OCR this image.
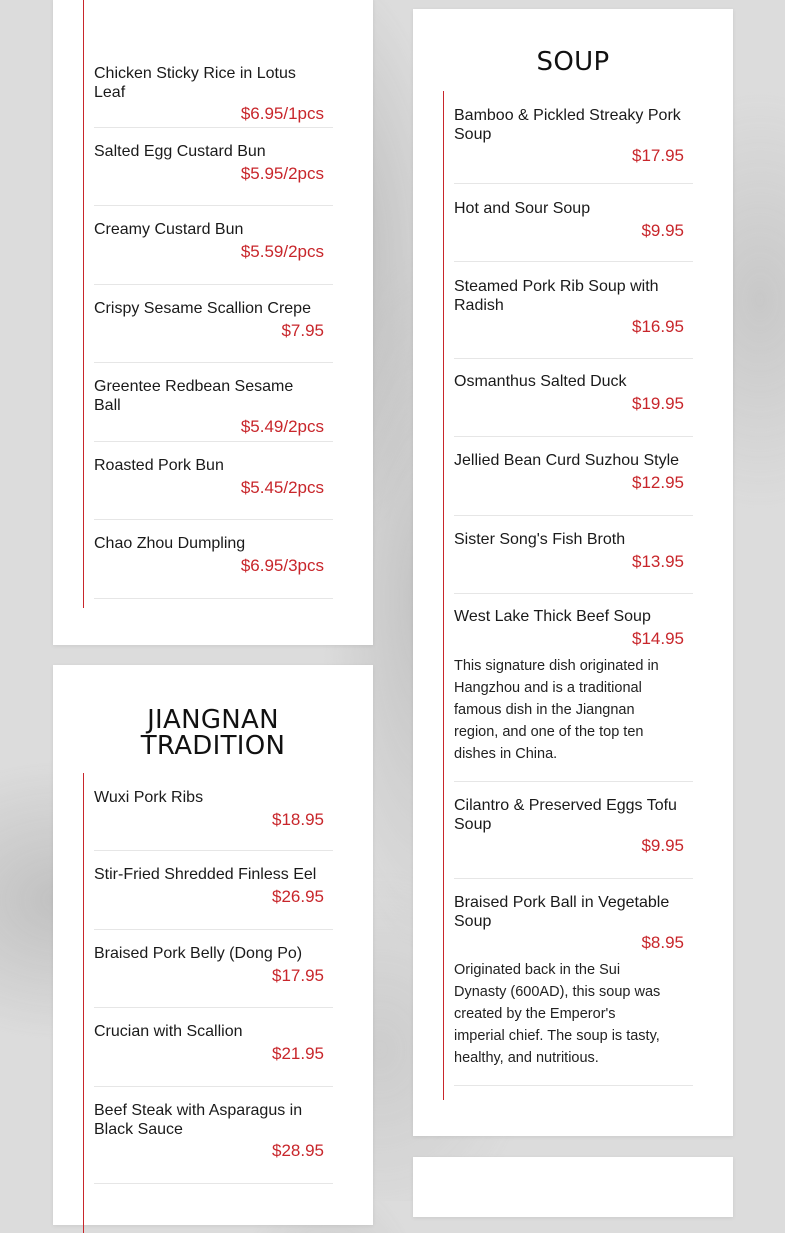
Chicken Sticky Rice in Lotus Leaf
$6.95/1pcs
Salted Egg Custard Bun
$5.95/2pcs
Creamy Custard Bun
$5.59/2pcs
Crispy Sesame Scallion Crepe
$7.95
Greentee Redbean Sesame Ball
$5.49/2pcs
Roasted Pork Bun
$5.45/2pcs
Chao Zhou Dumpling
$6.95/3pcs
JIANGNAN TRADITION
Wuxi Pork Ribs
$18.95
Stir-Fried Shredded Finless Eel
$26.95
Braised Pork Belly (Dong Po)
$17.95
Crucian with Scallion
$21.95
Beef Steak with Asparagus in Black Sauce
$28.95
SOUP
Bamboo & Pickled Streaky Pork Soup
$17.95
Hot and Sour Soup
$9.95
Steamed Pork Rib Soup with Radish
$16.95
Osmanthus Salted Duck
$19.95
Jellied Bean Curd Suzhou Style
$12.95
Sister Song's Fish Broth
$13.95
West Lake Thick Beef Soup
$14.95
This signature dish originated in Hangzhou and is a traditional famous dish in the Jiangnan region, and one of the top ten dishes in China.
Cilantro & Preserved Eggs Tofu Soup
$9.95
Braised Pork Ball in Vegetable Soup
$8.95
Originated back in the Sui Dynasty (600AD), this soup was created by the Emperor's imperial chief. The soup is tasty, healthy, and nutritious.
